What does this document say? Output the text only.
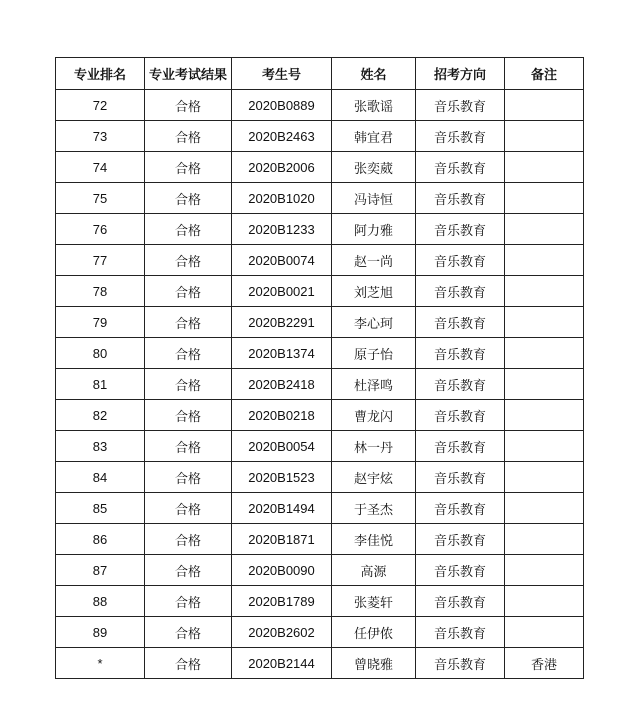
专业排名	专业考试结果	考生号	姓名	招考方向	备注
72	合格	2020B0889	张歌谣	音乐教育	
73	合格	2020B2463	韩宜君	音乐教育	
74	合格	2020B2006	张奕葳	音乐教育	
75	合格	2020B1020	冯诗恒	音乐教育	
76	合格	2020B1233	阿力雅	音乐教育	
77	合格	2020B0074	赵一尚	音乐教育	
78	合格	2020B0021	刘芝旭	音乐教育	
79	合格	2020B2291	李心珂	音乐教育	
80	合格	2020B1374	原子怡	音乐教育	
81	合格	2020B2418	杜泽鸣	音乐教育	
82	合格	2020B0218	曹龙闪	音乐教育	
83	合格	2020B0054	林一丹	音乐教育	
84	合格	2020B1523	赵宇炫	音乐教育	
85	合格	2020B1494	于圣杰	音乐教育	
86	合格	2020B1871	李佳悦	音乐教育	
87	合格	2020B0090	高源	音乐教育	
88	合格	2020B1789	张菱轩	音乐教育	
89	合格	2020B2602	任伊侬	音乐教育	
*	合格	2020B2144	曾晓雅	音乐教育	香港
